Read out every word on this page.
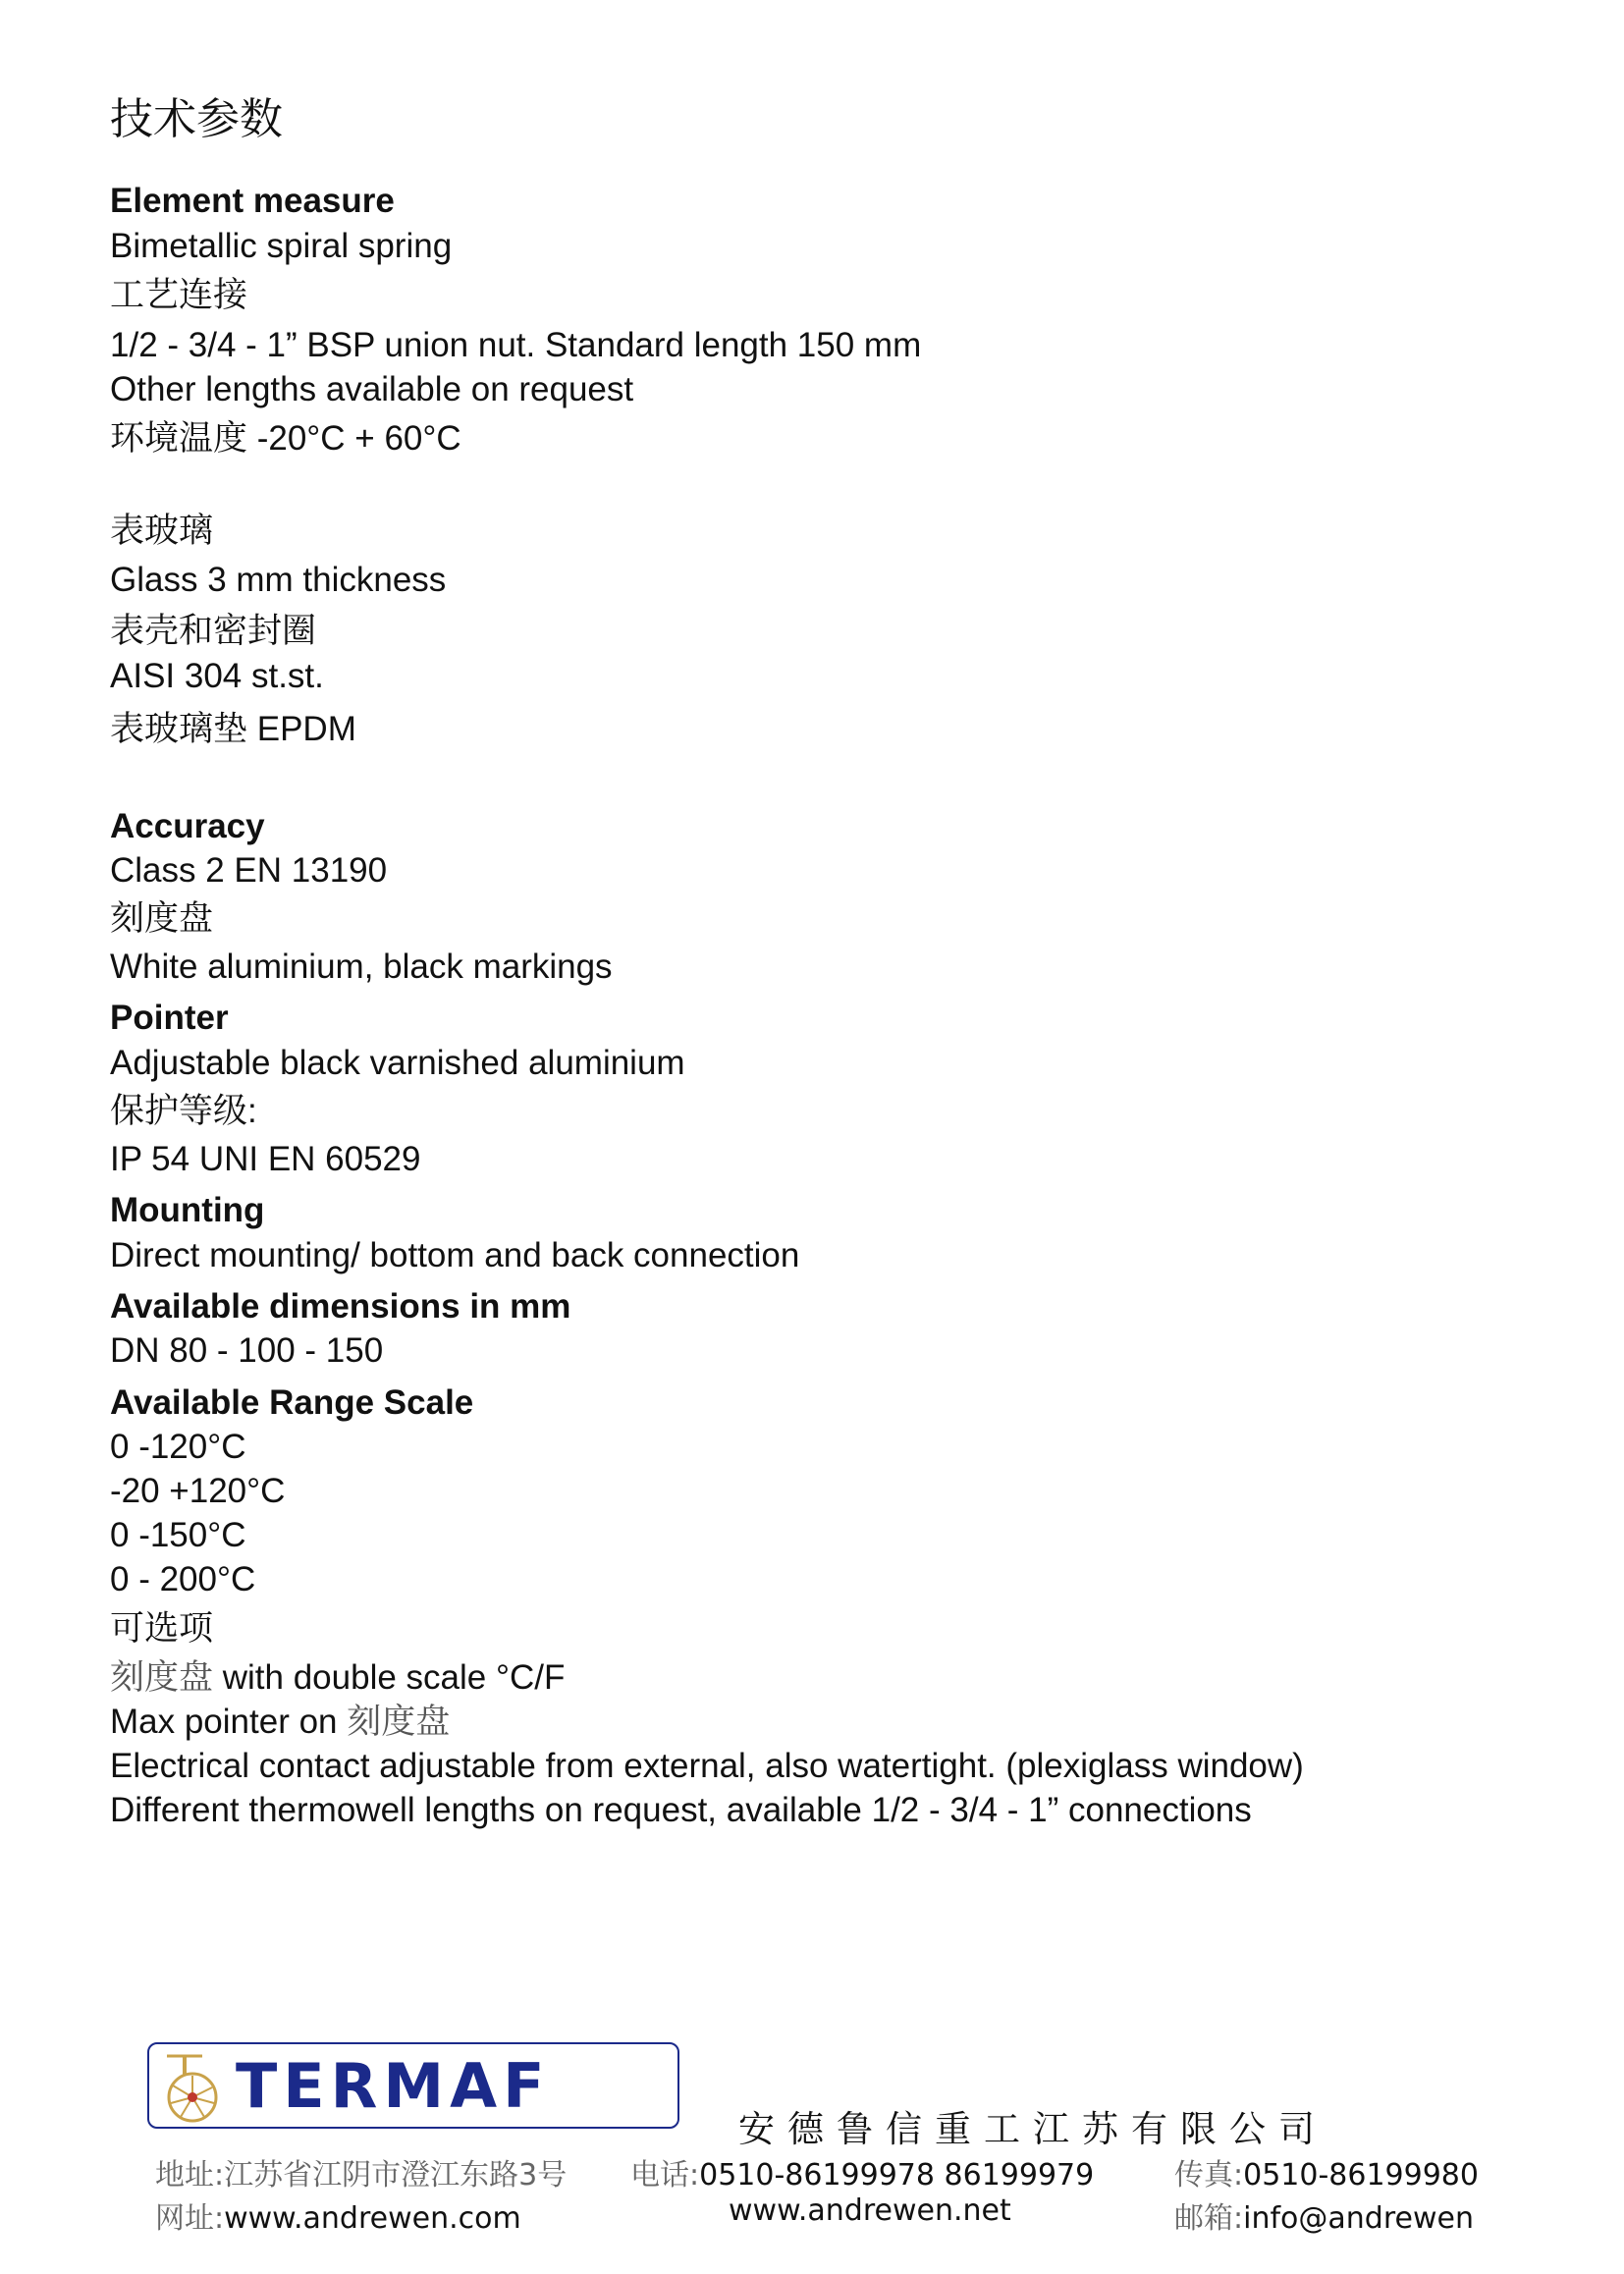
技术参数
Element measure
Bimetallic spiral spring
工艺连接
1/2 - 3/4 - 1” BSP union nut. Standard length 150 mm
Other lengths available on request
环境温度 -20°C + 60°C
表玻璃
Glass 3 mm thickness
表壳和密封圈
AISI 304 st.st.
表玻璃垫 EPDM
Accuracy
Class 2 EN 13190
刻度盘
White aluminium, black markings
Pointer
Adjustable black varnished aluminium
保护等级:
IP 54 UNI EN 60529
Mounting
Direct mounting/ bottom and back connection
Available dimensions in mm
DN 80 - 100 - 150
Available Range Scale
0 -120°C
-20 +120°C
0 -150°C
0 - 200°C
可选项
刻度盘 with double scale °C/F
Max pointer on 刻度盘
Electrical contact adjustable from external, also watertight. (plexiglass window)
Different thermowell lengths on request, available 1/2 - 3/4 - 1” connections
TERMAF
安德鲁信重工江苏有限公司
地址:江苏省江阴市澄江东路3号 电话:0510-86199978 86199979	传真:0510-86199980
网址:www.andrewen.com	www.andrewen.net	邮箱:info@andrewen
